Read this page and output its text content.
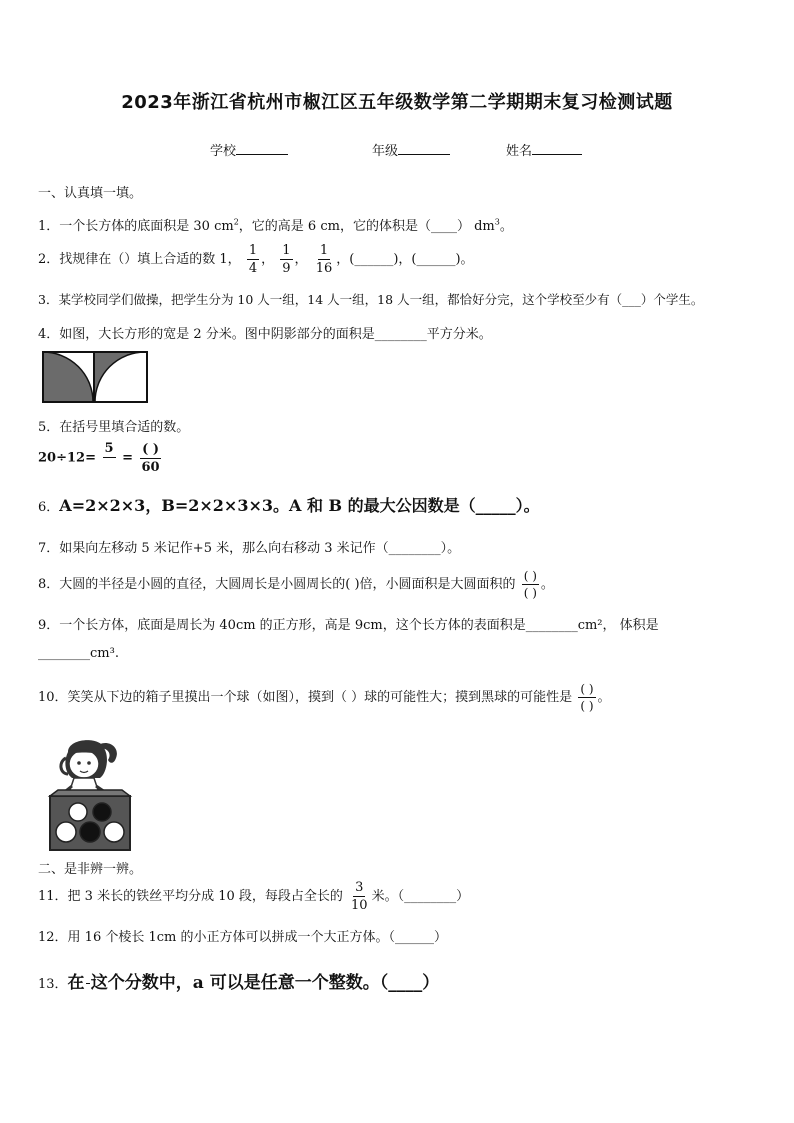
2023年浙江省杭州市椒江区五年级数学第二学期期末复习检测试题
学校	年级	姓名
一、认真填一填。
1．一个长方体的底面积是 30 $cm^2$，它的高是 6 cm，它的体积是（____） $dm^3$。
2．找规律在（）填上合适的数 1， $\frac{1}{4}$ ， $\frac{1}{9}$ ， $\frac{1}{16}$ ，(______)，(______)。
3．某学校同学们做操，把学生分为 10 人一组，14 人一组，18 人一组，都恰好分完，这个学校至少有（___）个学生。
4．如图，大长方形的宽是 2 分米。图中阴影部分的面积是________平方分米。
5．在括号里填合适的数。
20÷12=
5
= $\frac{( )}{60}$
6．A=2×2×3，B=2×2×3×3。A 和 B 的最大公因数是（_____）。
7．如果向左移动 5 米记作+5 米，那么向右移动 3 米记作（________）。
8．大圆的半径是小圆的直径，大圆周长是小圆周长的( )倍，小圆面积是大圆面积的 $\frac{( )}{( )}$ 。
9．一个长方体，底面是周长为 40cm 的正方形，高是 9cm，这个长方体的表面积是________cm²， 体积是
________cm³.
10．笑笑从下边的箱子里摸出一个球（如图），摸到（ ）球的可能性大；摸到黑球的可能性是 $\frac{( )}{( )}$ 。
二、是非辨一辨。
11．把 3 米长的铁丝平均分成 10 段，每段占全长的 $\frac{3}{10}$ 米。（________）
12．用 16 个棱长 1cm 的小正方体可以拼成一个大正方体。（______）
13．在

这个分数中，a 可以是任意一个整数。（____）
